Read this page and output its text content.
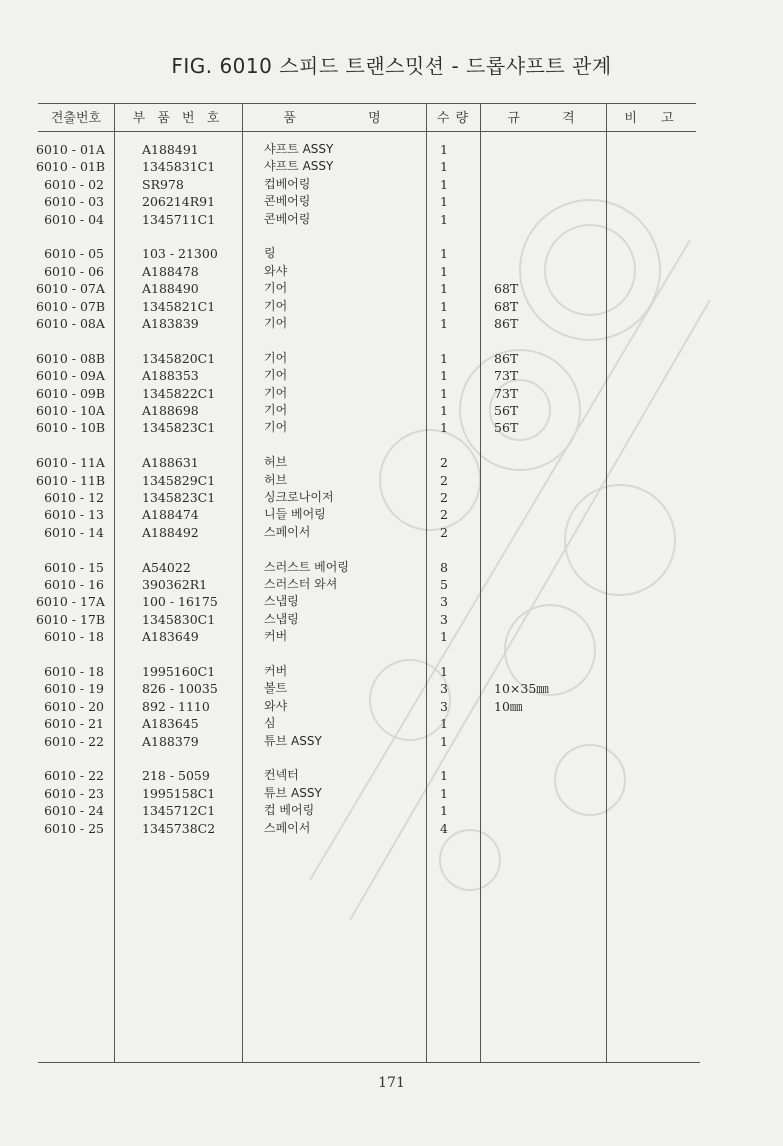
FIG. 6010 스피드 트랜스밋션 - 드롭샤프트 관계
견출번호	부 품 번 호	품 명	수 량	규 격	비 고
6010 - 01A	A188491	샤프트 ASSY	1
6010 - 01B	1345831C1	샤프트 ASSY	1
6010 - 02	SR978	컵베어링	1
6010 - 03	206214R91	콘베어링	1
6010 - 04	1345711C1	콘베어링	1
6010 - 05	103 - 21300	링	1
6010 - 06	A188478	와샤	1
6010 - 07A	A188490	기어	1	68T
6010 - 07B	1345821C1	기어	1	68T
6010 - 08A	A183839	기어	1	86T
6010 - 08B	1345820C1	기어	1	86T
6010 - 09A	A188353	기어	1	73T
6010 - 09B	1345822C1	기어	1	73T
6010 - 10A	A188698	기어	1	56T
6010 - 10B	1345823C1	기어	1	56T
6010 - 11A	A188631	허브	2
6010 - 11B	1345829C1	허브	2
6010 - 12	1345823C1	싱크로나이저	2
6010 - 13	A188474	니들 베어링	2
6010 - 14	A188492	스페이서	2
6010 - 15	A54022	스러스트 베어링	8
6010 - 16	390362R1	스러스터 와셔	5
6010 - 17A	100 - 16175	스냅링	3
6010 - 17B	1345830C1	스냅링	3
6010 - 18	A183649	커버	1
6010 - 18	1995160C1	커버	1
6010 - 19	826 - 10035	볼트	3	10×35㎜
6010 - 20	892 - 1110	와샤	3	10㎜
6010 - 21	A183645	심	1
6010 - 22	A188379	튜브 ASSY	1
6010 - 22	218 - 5059	컨넥터	1
6010 - 23	1995158C1	튜브 ASSY	1
6010 - 24	1345712C1	컵 베어링	1
6010 - 25	1345738C2	스페이서	4
171
